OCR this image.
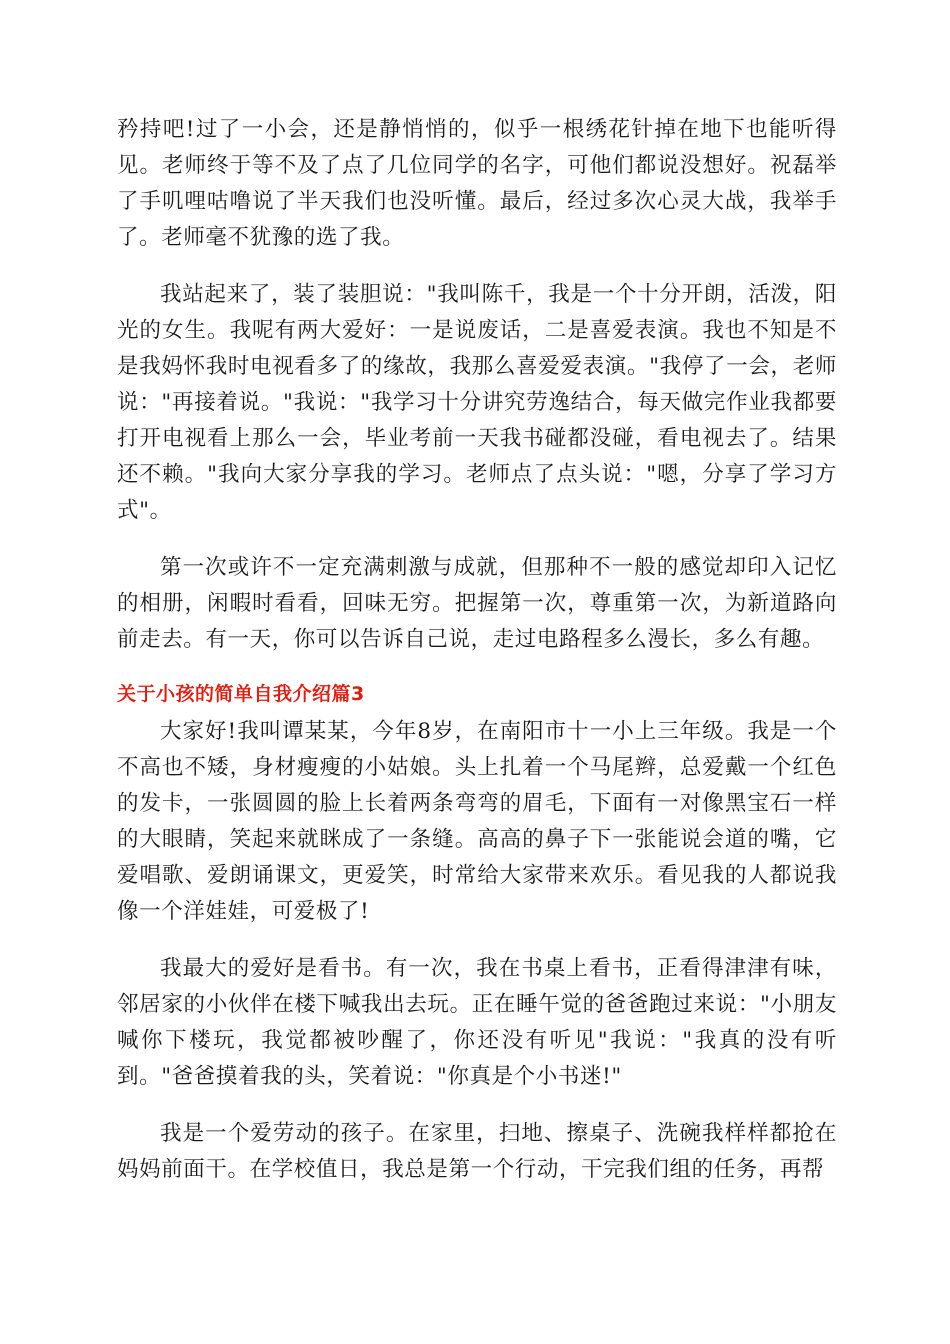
矜持吧!过了一小会，还是静悄悄的，似乎一根绣花针掉在地下也能听得见。老师终于等不及了点了几位同学的名字，可他们都说没想好。祝磊举了手叽哩咕噜说了半天我们也没听懂。最后，经过多次心灵大战，我举手了。老师毫不犹豫的选了我。

我站起来了，装了装胆说："我叫陈千，我是一个十分开朗，活泼，阳光的女生。我呢有两大爱好：一是说废话，二是喜爱表演。我也不知是不是我妈怀我时电视看多了的缘故，我那么喜爱爱表演。"我停了一会，老师说："再接着说。"我说："我学习十分讲究劳逸结合，每天做完作业我都要打开电视看上那么一会，毕业考前一天我书碰都没碰，看电视去了。结果还不赖。"我向大家分享我的学习。老师点了点头说："嗯，分享了学习方式"。

第一次或许不一定充满刺激与成就，但那种不一般的感觉却印入记忆的相册，闲暇时看看，回味无穷。把握第一次，尊重第一次，为新道路向前走去。有一天，你可以告诉自己说，走过电路程多么漫长，多么有趣。

关于小孩的简单自我介绍篇3

大家好!我叫谭某某，今年8岁，在南阳市十一小上三年级。我是一个不高也不矮，身材瘦瘦的小姑娘。头上扎着一个马尾辫，总爱戴一个红色的发卡，一张圆圆的脸上长着两条弯弯的眉毛，下面有一对像黑宝石一样的大眼睛，笑起来就眯成了一条缝。高高的鼻子下一张能说会道的嘴，它爱唱歌、爱朗诵课文，更爱笑，时常给大家带来欢乐。看见我的人都说我像一个洋娃娃，可爱极了!

我最大的爱好是看书。有一次，我在书桌上看书，正看得津津有味，邻居家的小伙伴在楼下喊我出去玩。正在睡午觉的爸爸跑过来说："小朋友喊你下楼玩，我觉都被吵醒了，你还没有听见"我说："我真的没有听到。"爸爸摸着我的头，笑着说："你真是个小书迷!"

我是一个爱劳动的孩子。在家里，扫地、擦桌子、洗碗我样样都抢在妈妈前面干。在学校值日，我总是第一个行动，干完我们组的任务，再帮
